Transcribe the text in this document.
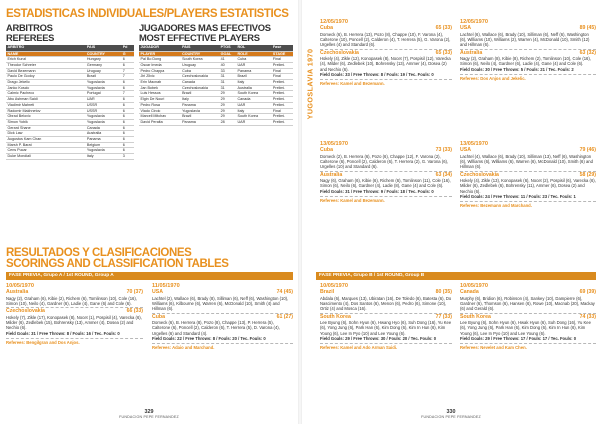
ESTADISTICAS INDIVIDUALES/PLAYERS ESTATISTICS
ARBITROS
REFEREES
ARBITRO	PAIS	Pd
NAME	COUNTRY	G
Erich Kunzl	Hungary	6
Theodor Schreier	Germany	6
David Bezemann	Uruguay	7
Paulo De Godoy	Brazil	7
Drago Jekelic	Yugoslavia	6
Janko Koscic	Yugoslavia	6
Calmic Pacheco	Portugal	7
Abu Ashman Saidi	UAR	6
Vladimir Mahreti	USSR	6
Radomir Makhnetov	USSR	6
Obrad Belovic	Yugoslavia	6
Simon Yobik	Yugoslavia	6
Gerard Shane	Canada	6
Dick Law	Australia	6
Augustus Kam Chan	Panama	6
Marsh P. Barat	Belgium	6
Cens Pucar	Yugoslavia	6
Duke Mondiali	Italy	3
JUGADORES MAS EFECTIVOS
MOST EFFECTIVE PLAYERS
JUGADOR	PAIS	PTOS	ROL	Fase
PLAYER	COUNTRY	GOAL	ROLE	STAGE
Pal Bo Dong	South Korea	41	Cuba	Final
Oscar Imeda	Uruguay	40	UAR	Prelimi.
Pedro Chappa	Cuba	33	Panama	Final
Jiri Zilvic	Czechoslovakia	31	Brazil	Final
Erin Macnab	Canada	31	Italy	Prelimi.
Jan Bobek	Czechoslovakia	31	Australia	Prelimi.
Luis Hessos	Brazil	29	South Korea	Prelimi.
Elgin De Nouri	Italy	29	Canada	Prelimi.
Pedro Rosa	Panama	29	UAR	Prelimi.
Vlado Ciroic	Yugoslavia	29	Italy	Final
Marcell Mitchav	Brazil	29	South Korea	Prelimi.
David Peralta	Panama	28	UAR	Prelimi.
RESULTADOS Y CLASIFICACIONES
SCORINGS AND CLASSIFICATION TABLES
FASE PREVIA, Grupo A / 1st ROUND, Group A
10/05/1970
Australia	70 (37)
Nagy (2), Graham (6), Kibie (2), Richem (6), Tomlinson (10), Cole (16), Simon (10), Neilo (4), Gardner (6), Ladie (4), Gane (6) and Cole (6).
Czechoslovakia	66 (33)
Hokely (7), Zikle (17), Konopasek (8), Nocet (1), Pospisil (4), Varecka (6), Milder (6), Zedlebek (15), Bohrensky (13), Ammer (4), Dosea (2) and Nechio (6).
Field Goals: 31 / Free Throws: 8 / Fouls: 16 / Tec. Fouls: 0
Referees: Bengilgran and Dos Anjos.
11/05/1970
USA	74 (45)
Lachtel (2), Wallace (6), Brady (8), Silliman (6), Neff (6), Washington (10), Williams (6), Kilbourne (6), Warren (6), McDonald (10), Smith (4) and Hillman (6).
Cuba	61 (27)
Domeck (6), B. Herrera (8), Pozo (8), Chappe (13), P. Herrera (5), Calterone (6), Poncell (2), Calderon (6), T. Herrera (5), D. Varona (4), Urgelles (6) and Standard (4).
Field Goals: 22 / Free Throws: 8 / Fouls: 20 / Tec. Fouls: 0
Referees: Adaio and Marchand.
329
FUNDACION PEPE FERNANDEZ
YUGOSLAVIA 1970
12/05/1970
Cuba	65 (33)
Domeck (6), B. Herrera (13), Pozo (8), Chappe (10), F. Varona (4), Calterone (10), Poncell (2), Calderon (4), T. Herrera (5), G. Varona (2), Urgelles (4) and Standard (6).
Czechoslovakia	65 (33)
Hokely (4), Zikle (12), Konopasek (8), Nocet (7), Pospisil (12), Varecka (4), Milder (6), Zedlebek (10), Bohrensky (13), Ammer (4), Dosea (2) and Nechio (6).
Field Goals: 33 / Free Throws: 8 / Fouls: 19 / Tec. Fouls: 0
Referees: Kamel and Bezemann.
12/05/1970
USA	89 (45)
Lachtel (6), Wallace (6), Brady (10), Silliman (6), Neff (6), Washington (6), Williams (10), Williams (2), Warren (4), McDonald (10), Smith (12) and Hillman (6).
Australia	63 (32)
Nagy (2), Graham (8), Kibie (8), Richem (2), Tomlinson (10), Cole (16), Simon (6), Neilo (4), Gardner (6), Ladie (4), Gane (4) and Cole (6).
Field Goals: 30 / Free Throws: 5 / Fouls: 21 / Tec. Fouls: 2
Referees: Dos Anjos and Jekelic.
13/05/1970
Cuba	73 (33)
Domeck (2), B. Herrera (6), Pozo (6), Chappe (12), F. Varona (2), Calterone (6), Poncell (2), Calderon (6), T. Herrera (2), G. Varona (6), Urgelles (10) and Standard (6).
Australia	63 (34)
Nagy (6), Graham (6), Kibie (6), Richem (6), Tomlinson (11), Cole (16), Simon (6), Neilo (6), Gardner (4), Ladie (8), Gane (4) and Cole (6).
Field Goals: 31 / Free Throws: 9 / Fouls: 18 / Tec. Fouls: 0
Referees: Kamel and Bezemann.
13/05/1970
USA	79 (46)
Lachtel (4), Wallace (6), Brady (10), Silliman (13), Neff (6), Washington (6), Williams (6), Williams (6), Warren (6), McDonald (10), Smith (6) and Hillman (6).
Czechoslovakia	58 (29)
Hokely (4), Zikle (13), Konopasek (6), Nocet (2), Pospisil (6), Varecka (6), Milder (6), Zedlebek (6), Bohrensky (11), Ammer (6), Dosea (2) and Nechio (6).
Field Goals: 24 / Free Throws: 11 / Fouls: 23 / Tec. Fouls: 1
Referees: Bezemann and Marchand.
FASE PREVIA, Grupo B / 1st ROUND, Group B
10/05/1970
Brazil	80 (35)
Abdala (6), Marques (13), Ubiratan (16), De Toledo (6), Batesta (6), Do Nascimento (4), Dos Santos (6), Menon (6), Pedro (6), Simone (10), Ortiz (4) and Mosca (16).
South Korea	77 (33)
Lee Byung (6), Sohn Hyun (6), Hwang Hyo (6), Suh Dong (16), Yu Kee (6), Yong Jung (6), Park Han (6), Kim Dong (6), Kim In Hun (6), Kim Young (6), Lee In Pyo (10) and Lee Young (6).
Field Goals: 29 / Free Throws: 30 / Fouls: 20 / Tec. Fouls: 0
Referees: Kamel and Ado Arman Saidi.
10/05/1970
Canada	69 (39)
Murphy (6), Bridion (6), Robinson (4), Sankey (10), Dampierre (6), Gardner (6), Thomson (6), Hansen (6), Rowe (10), Macnab (20), Mackay (6) and Gerald (6).
South Korea	74 (33)
Lee Byung (6), Sohn Hyun (6), Hwak Hyun (6), Suh Dong (16), Yu Kee (6), Yong Jung (6), Park Han (6), Kim Dong (6), Kim In Hun (6), Kim Young (6), Lee In Pyo (10) and Lee Young (6).
Field Goals: 29 / Free Throws: 17 / Fouls: 17 / Tec. Fouls: 0
Referees: Nevelet and Kam Chen.
330
FUNDACION PEPE FERNANDEZ
